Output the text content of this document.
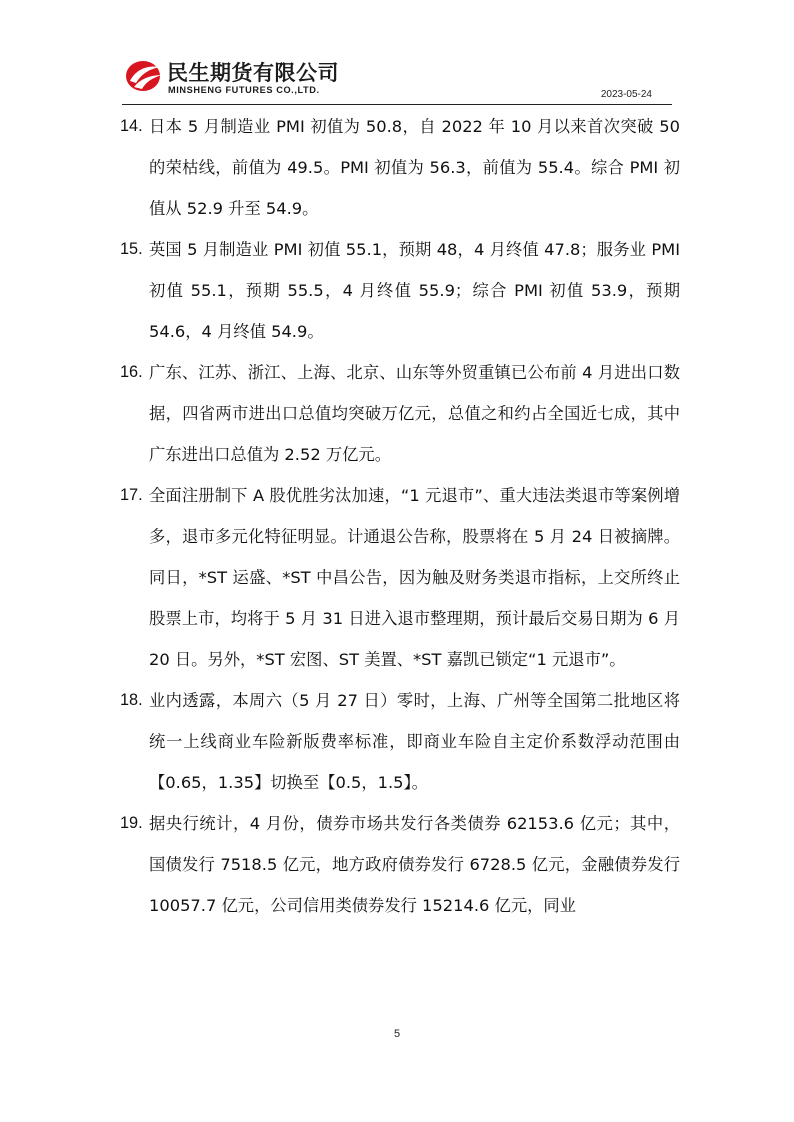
民生期货有限公司
MINSHENG FUTURES CO.,LTD.	2023-05-24
14. 日本 5 月制造业 PMI 初值为 50.8，自 2022 年 10 月以来首次突破 50 的荣枯线，前值为 49.5。PMI 初值为 56.3，前值为 55.4。综合 PMI 初值从 52.9 升至 54.9。
15. 英国 5 月制造业 PMI 初值 55.1，预期 48，4 月终值 47.8；服务业 PMI 初值 55.1，预期 55.5，4 月终值 55.9；综合 PMI 初值 53.9，预期 54.6，4 月终值 54.9。
16. 广东、江苏、浙江、上海、北京、山东等外贸重镇已公布前 4 月进出口数据，四省两市进出口总值均突破万亿元，总值之和约占全国近七成，其中广东进出口总值为 2.52 万亿元。
17. 全面注册制下 A 股优胜劣汰加速，“1 元退市”、重大违法类退市等案例增多，退市多元化特征明显。计通退公告称，股票将在 5 月 24 日被摘牌。同日，*ST 运盛、*ST 中昌公告，因为触及财务类退市指标，上交所终止股票上市，均将于 5 月 31 日进入退市整理期，预计最后交易日期为 6 月 20 日。另外，*ST 宏图、ST 美置、*ST 嘉凯已锁定“1 元退市”。
18. 业内透露，本周六（5 月 27 日）零时，上海、广州等全国第二批地区将统一上线商业车险新版费率标准，即商业车险自主定价系数浮动范围由【0.65，1.35】切换至【0.5，1.5】。
19. 据央行统计，4 月份，债券市场共发行各类债券 62153.6 亿元；其中，国债发行 7518.5 亿元，地方政府债券发行 6728.5 亿元，金融债券发行 10057.7 亿元，公司信用类债券发行 15214.6 亿元，同业
5
